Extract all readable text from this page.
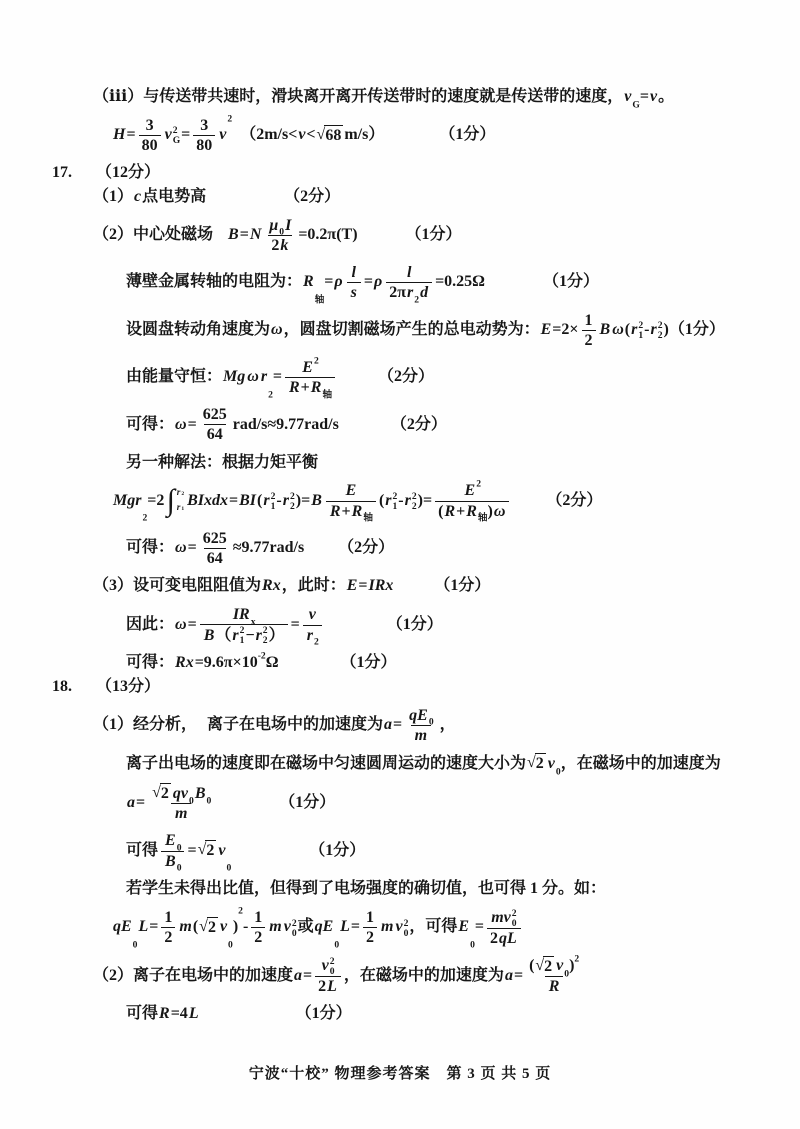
（ⅲ）与传送带共速时，滑块离开离开传送带时的速度就是传送带的速度， v
G
= v 。
$H = \frac{3}{80}$ v 2
$G = \frac{3}{80}$ v
2
（2m/s< v < √ 68 m/s）	（1分）
17. （12分）
（1） c 点电势高	（2分）
（2）中心处磁场 B = N $\frac{\mu 0 I}{2 k} =0.2\pi(T)$	（1分）
薄壁金属转轴的电阻为： R
轴
= ρ $\frac{l}{s} = \rho \frac{l}{\text{2π r 2 d}} =0.25\Omega$	（1分）
设圆盘转动角速度为 ω ，圆盘切割磁场产生的总电动势为： $E =2\times \frac{1}{2}$ B ω ( r 2
1 - r 2
2 )（1分）
由能量守恒： Mg ω r
2
= $\frac{E 2}{\text{R + R 轴}}$	（2分）
可得： $\omega = \frac{625}{64} rad/s\approx 9.77rad/s$	（2分）
另一种解法：根据力矩平衡
Mgr
2
=2 ∫ r2
r1
BIxdx = BI ( r 2
1 - r 2
2 )= B $\frac{E}{\text{R + R 轴}}$ ( r 2
1 - r 2
2 )= $\frac{E 2}{\text{( R + R 轴 ) ω}} (2$分）
可得： $\omega = \frac{625}{64} \approx 9.77rad/s$ （2分）
（3）设可变电阻阻值为 Rx ，此时： E = IRx	（1分）
因此： ω = IR x
B （ r 2
1 − r 2
2 ） = $\frac{v}{r 2}$	（1分）
可得： Rx =9.6π×10 -2 Ω	（1分）
18. （13分）
（1）经分析， 离子在电场中的加速度为 $a = \frac{qE 0}{m}$ ，
离子出电场的速度即在磁场中匀速圆周运动的速度大小为 √ 2 v
0
，在磁场中的加速度为
$a = \frac{√ 2 qv 0 B 0}{m}$	（1分）
可得 $\frac{E 0}{B 0}$ = √ 2 v
0
（1分）
若学生未得出比值，但得到了电场强度的确切值，也可得 1 分。如：
qE
0
$L = \frac{1}{2}$ m ( √ 2 v
0
)
2
- $\frac{1}{2}$ m v 2
0 或 qE
0
$L = \frac{1}{2}$ m v 2
0 ，可得 E
0
= mv 2
0
2 qL
（2）离子在电场中的加速度 a = v 2
0
2 L ，在磁场中的加速度为 $a = \frac{( √ 2 v 0 ) 2}{R}$
可得 R =4 L	（1分）
宁波“十校” 物理参考答案　第 3 页 共 5 页
